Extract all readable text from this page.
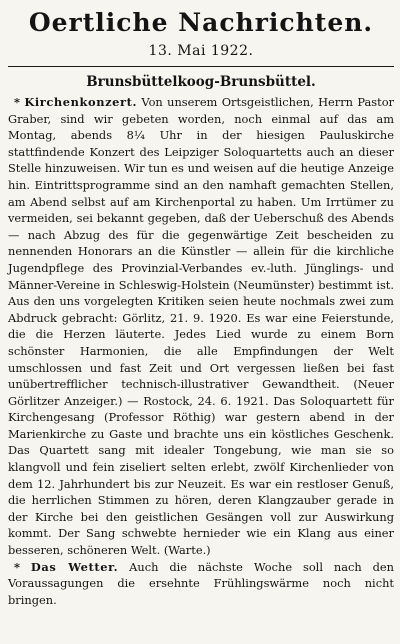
Oertliche Nachrichten.
13. Mai 1922.
Brunsbüttelkoog-Brunsbüttel.

* Kirchenkonzert. Von unserem Ortsgeistlichen, Herrn Pastor Graber, sind wir gebeten worden, noch einmal auf das am Montag, abends 8¼ Uhr in der hiesigen Pauluskirche stattfindende Konzert des Leipziger Soloquartetts auch an dieser Stelle hinzuweisen. Wir tun es und weisen auf die heutige Anzeige hin. Eintrittsprogramme sind an den namhaft gemachten Stellen, am Abend selbst auf am Kirchenportal zu haben. Um Irrtümer zu vermeiden, sei bekannt gegeben, daß der Ueberschuß des Abends — nach Abzug des für die gegenwärtige Zeit bescheiden zu nennenden Honorars an die Künstler — allein für die kirchliche Jugendpflege des Provinzial-Verbandes ev.-luth. Jünglings- und Männer-Vereine in Schleswig-Holstein (Neumünster) bestimmt ist. Aus den uns vorgelegten Kritiken seien heute nochmals zwei zum Abdruck gebracht: Görlitz, 21. 9. 1920. Es war eine Feierstunde, die die Herzen läuterte. Jedes Lied wurde zu einem Born schönster Harmonien, die alle Empfindungen der Welt umschlossen und fast Zeit und Ort vergessen ließen bei fast unübertrefflicher technisch-illustrativer Gewandtheit. (Neuer Görlitzer Anzeiger.) — Rostock, 24. 6. 1921. Das Soloquartett für Kirchengesang (Professor Röthig) war gestern abend in der Marienkirche zu Gaste und brachte uns ein köstliches Geschenk. Das Quartett sang mit idealer Tongebung, wie man sie so klangvoll und fein ziseliert selten erlebt, zwölf Kirchenlieder von dem 12. Jahrhundert bis zur Neuzeit. Es war ein restloser Genuß, die herrlichen Stimmen zu hören, deren Klangzauber gerade in der Kirche bei den geistlichen Gesängen voll zur Auswirkung kommt. Der Sang schwebte hernieder wie ein Klang aus einer besseren, schöneren Welt. (Warte.)

* Das Wetter. Auch die nächste Woche soll nach den Voraussagungen die ersehnte Frühlingswärme noch nicht bringen.
